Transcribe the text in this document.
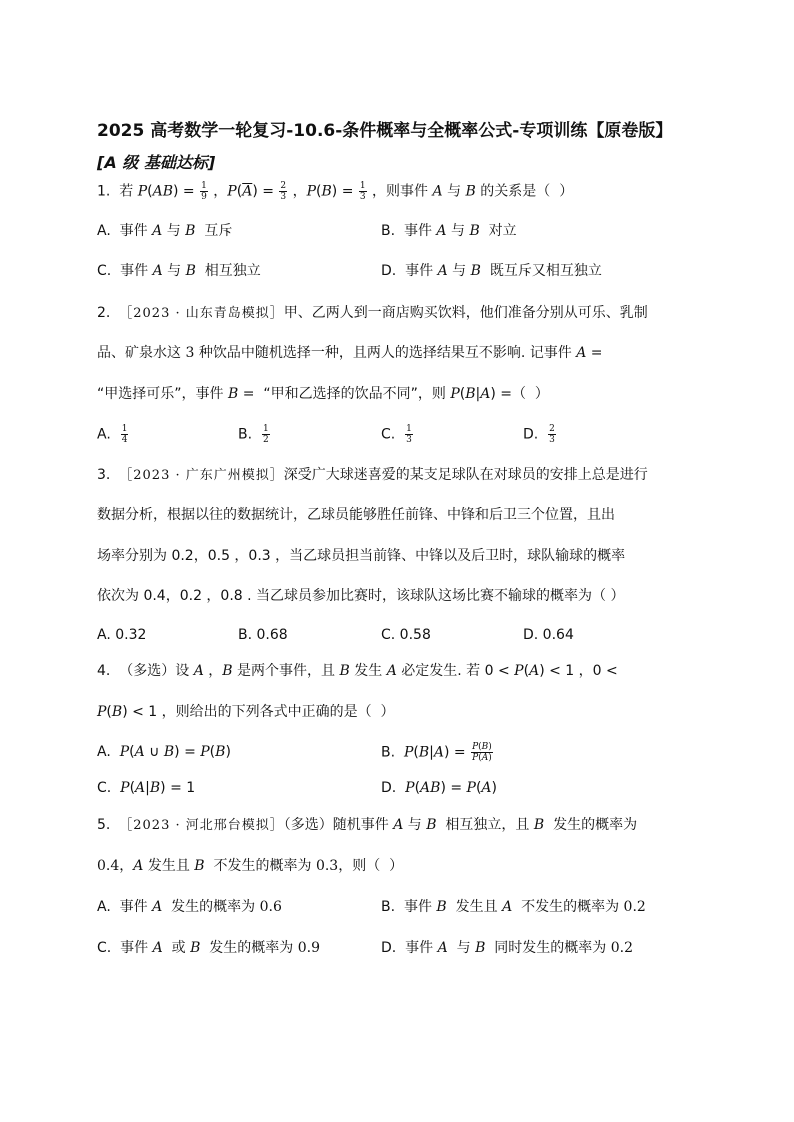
2025 高考数学一轮复习-10.6-条件概率与全概率公式-专项训练【原卷版】
[A 级 基础达标]
1.  若 $P(AB) = \frac{1}{9}$ ，$P(\overline{A}) = \frac{2}{3}$ ，$P(B) = \frac{1}{3}$ ，则事件 A 与 B 的关系是（  ）
A.  事件 A 与 B  互斥	B.  事件 A 与 B  对立
C.  事件 A 与 B  相互独立	D.  事件 A 与 B  既互斥又相互独立
2.  ［2023 · 山东青岛模拟］甲、乙两人到一商店购买饮料，他们准备分别从可乐、乳制
品、矿泉水这 3 种饮品中随机选择一种，且两人的选择结果互不影响. 记事件 A =
“甲选择可乐”，事件 B =  “甲和乙选择的饮品不同”，则 P(B|A) =（  ）
A. $\frac{1}{4}$	B. $\frac{1}{2}$	C. $\frac{1}{3}$	D. $\frac{2}{3}$
3.  ［2023 · 广东广州模拟］深受广大球迷喜爱的某支足球队在对球员的安排上总是进行
数据分析，根据以往的数据统计，乙球员能够胜任前锋、中锋和后卫三个位置，且出
场率分别为 0.2，0.5 ，0.3 ，当乙球员担当前锋、中锋以及后卫时，球队输球的概率
依次为 0.4，0.2 ，0.8 . 当乙球员参加比赛时，该球队这场比赛不输球的概率为（ ）
A. 0.32	B. 0.68	C. 0.58	D. 0.64
4.  （多选）设 A ，B 是两个事件，且 B 发生 A 必定发生. 若 0 < P(A) < 1 ，0 <
P(B) < 1 ，则给出的下列各式中正确的是（  ）
A.  P(A ∪ B) = P(B)	B.  $P(B|A) = \frac{P(B)}{P(A)}$
C.  P(A|B) = 1	D.  P(AB) = P(A)
5.  ［2023 · 河北邢台模拟］（多选）随机事件 A 与 B  相互独立，且 B  发生的概率为
0.4，A 发生且 B  不发生的概率为 0.3，则（  ）
A.  事件 A  发生的概率为 0.6	B.  事件 B  发生且 A  不发生的概率为 0.2
C.  事件 A  或 B  发生的概率为 0.9	D.  事件 A  与 B  同时发生的概率为 0.2
